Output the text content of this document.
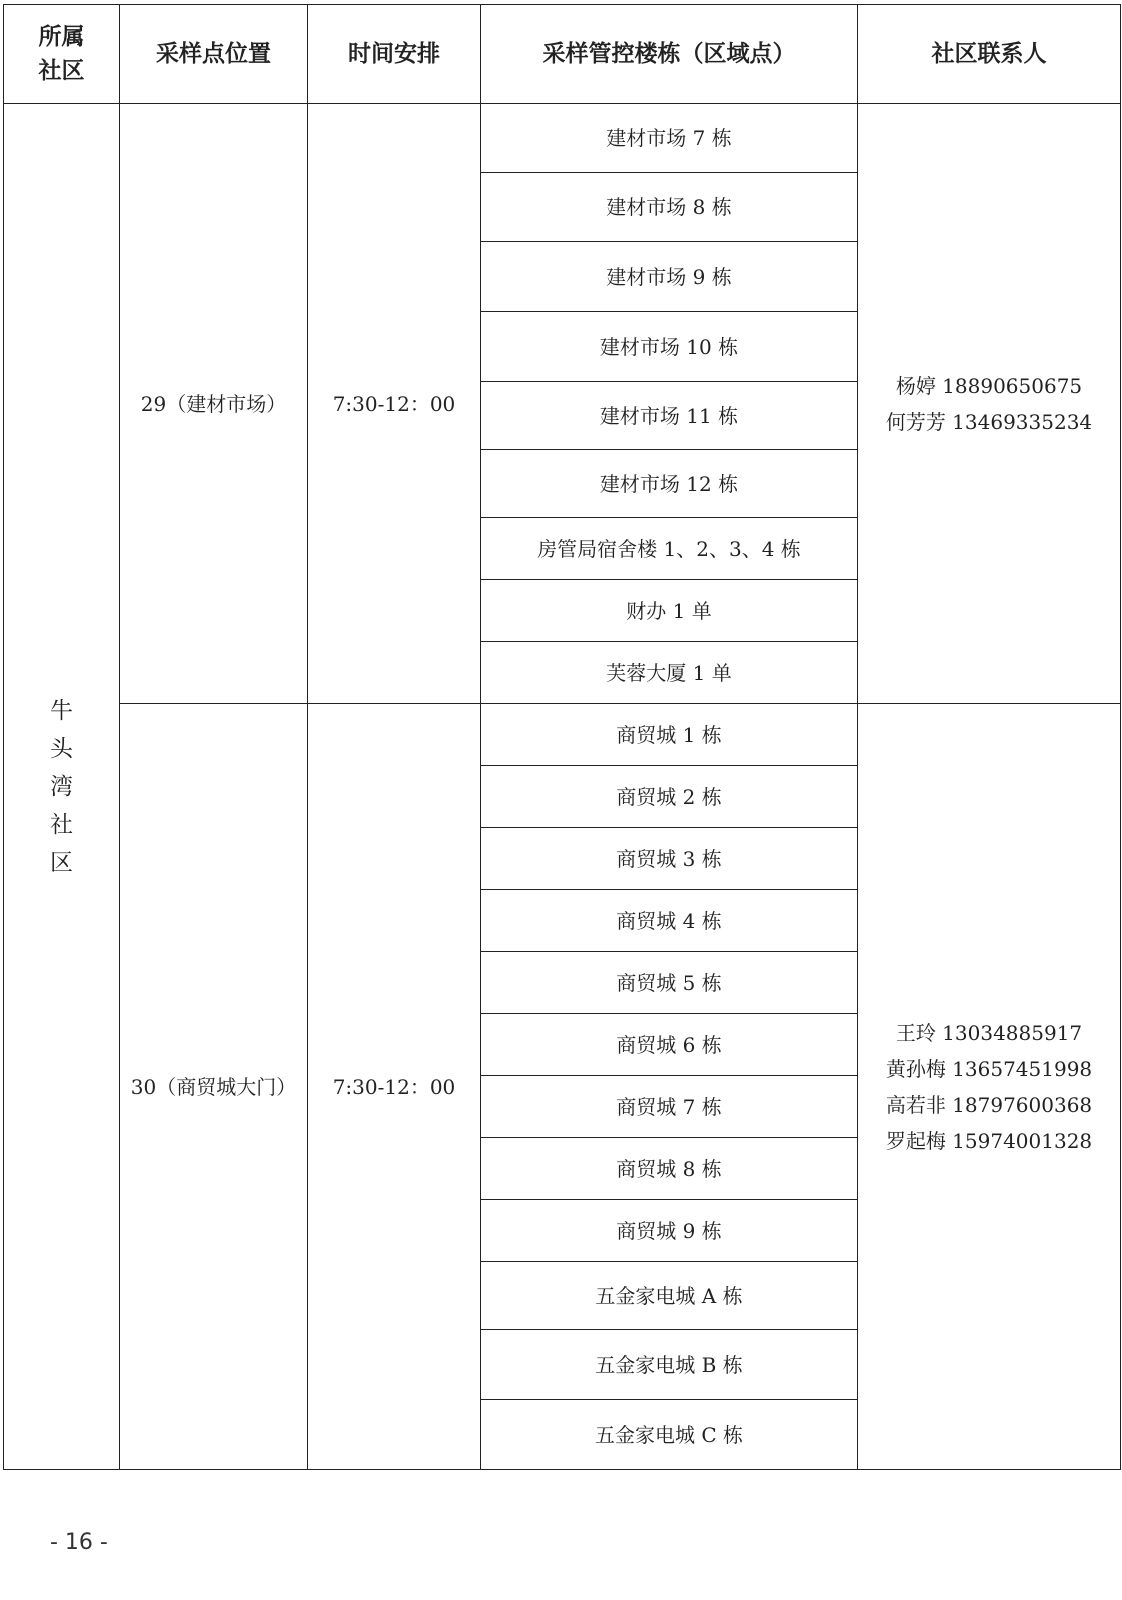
所属社区	采样点位置	时间安排	采样管控楼栋（区域点）	社区联系人
牛头湾社区	29（建材市场）	7:30-12：00	建材市场 7 栋	杨婷 18890650675
何芳芳 13469335234

			建材市场 8 栋	
			建材市场 9 栋	
			建材市场 10 栋	
			建材市场 11 栋	
			建材市场 12 栋	
			房管局宿舍楼 1、2、3、4 栋	
			财办 1 单	
			芙蓉大厦 1 单	
	30（商贸城大门）	7:30-12：00	商贸城 1 栋	王玲 13034885917
黄孙梅 13657451998
高若非 18797600368
罗起梅 15974001328

			商贸城 2 栋	
			商贸城 3 栋	
			商贸城 4 栋	
			商贸城 5 栋	
			商贸城 6 栋	
			商贸城 7 栋	
			商贸城 8 栋	
			商贸城 9 栋	
			五金家电城 A 栋	
			五金家电城 B 栋	
			五金家电城 C 栋	
- 16 -
